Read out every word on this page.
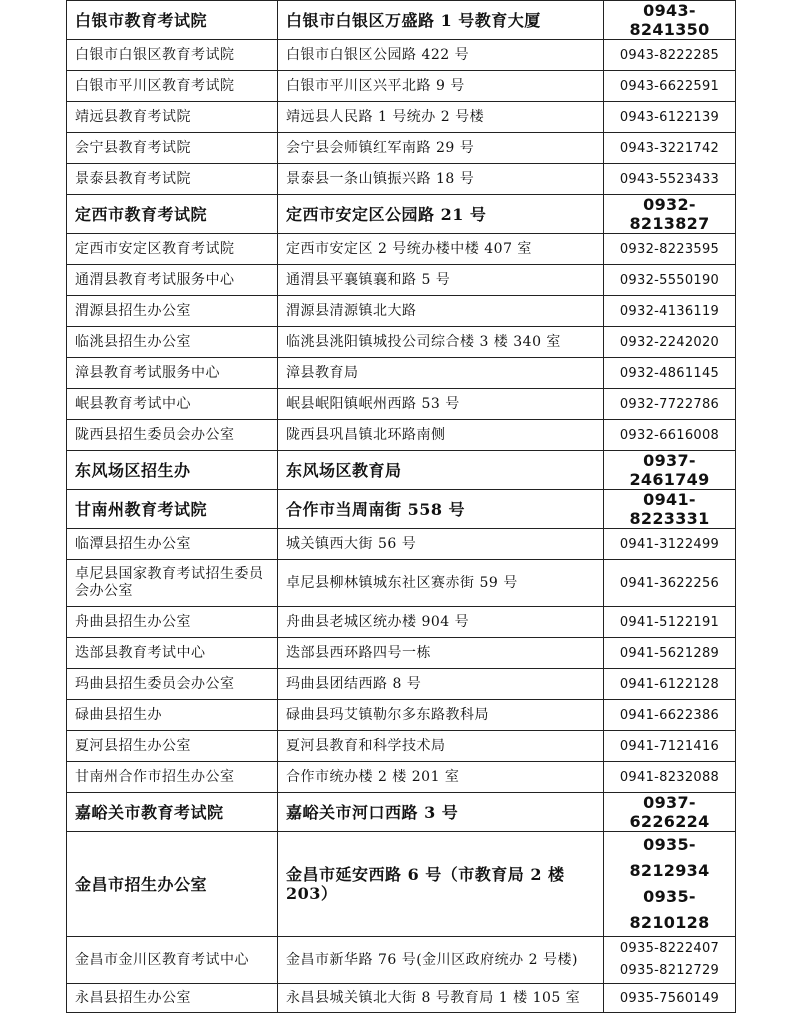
白银市教育考试院	白银市白银区万盛路 1 号教育大厦	0943-8241350

白银市白银区教育考试院	白银市白银区公园路 422 号	0943-8222285

白银市平川区教育考试院	白银市平川区兴平北路 9 号	0943-6622591

靖远县教育考试院	靖远县人民路 1 号统办 2 号楼	0943-6122139

会宁县教育考试院	会宁县会师镇红军南路 29 号	0943-3221742

景泰县教育考试院	景泰县一条山镇振兴路 18 号	0943-5523433

定西市教育考试院	定西市安定区公园路 21 号	0932-8213827

定西市安定区教育考试院	定西市安定区 2 号统办楼中楼 407 室	0932-8223595

通渭县教育考试服务中心	通渭县平襄镇襄和路 5 号	0932-5550190

渭源县招生办公室	渭源县清源镇北大路	0932-4136119

临洮县招生办公室	临洮县洮阳镇城投公司综合楼 3 楼 340 室	0932-2242020

漳县教育考试服务中心	漳县教育局	0932-4861145

岷县教育考试中心	岷县岷阳镇岷州西路 53 号	0932-7722786

陇西县招生委员会办公室	陇西县巩昌镇北环路南侧	0932-6616008

东风场区招生办	东风场区教育局	0937-2461749

甘南州教育考试院	合作市当周南街 558 号	0941-8223331

临潭县招生办公室	城关镇西大街 56 号	0941-3122499

卓尼县国家教育考试招生委员会办公室	卓尼县柳林镇城东社区赛赤街 59 号	0941-3622256

舟曲县招生办公室	舟曲县老城区统办楼 904 号	0941-5122191

迭部县教育考试中心	迭部县西环路四号一栋	0941-5621289

玛曲县招生委员会办公室	玛曲县团结西路 8 号	0941-6122128

碌曲县招生办	碌曲县玛艾镇勒尔多东路教科局	0941-6622386

夏河县招生办公室	夏河县教育和科学技术局	0941-7121416

甘南州合作市招生办公室	合作市统办楼 2 楼 201 室	0941-8232088

嘉峪关市教育考试院	嘉峪关市河口西路 3 号	0937-6226224

金昌市招生办公室	金昌市延安西路 6 号（市教育局 2 楼 203）	0935-8212934
0935-8210128

金昌市金川区教育考试中心	金昌市新华路 76 号(金川区政府统办 2 号楼)	0935-8222407
0935-8212729

永昌县招生办公室	永昌县城关镇北大街 8 号教育局 1 楼 105 室	0935-7560149
